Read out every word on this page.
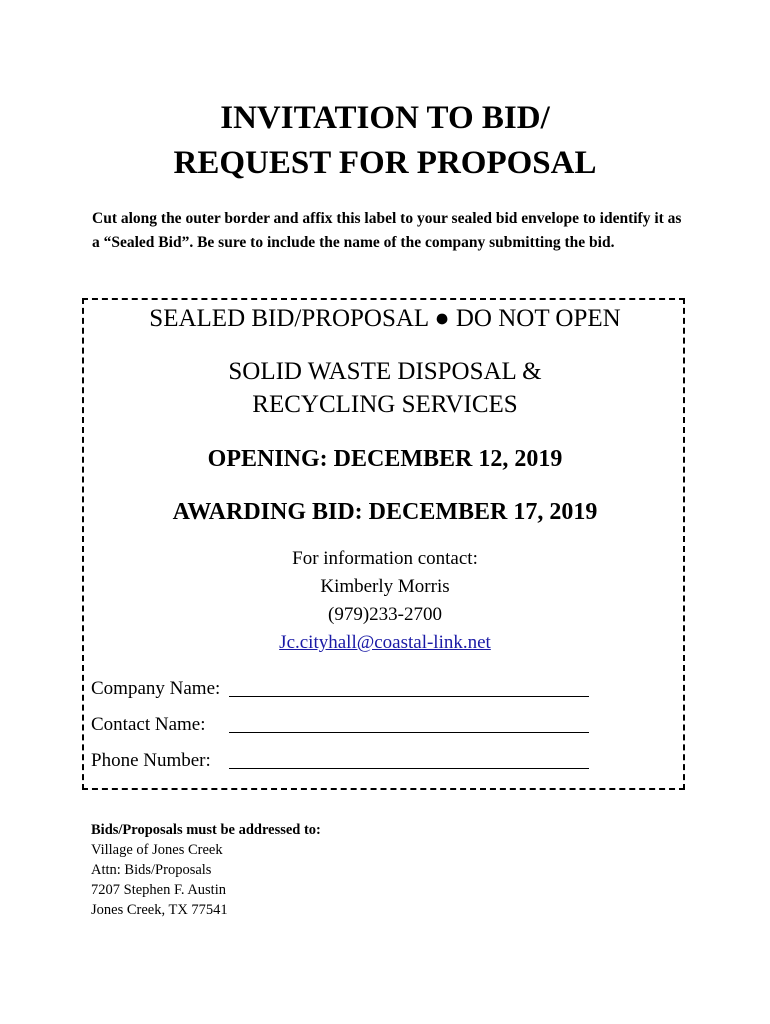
INVITATION TO BID/
REQUEST FOR PROPOSAL
Cut along the outer border and affix this label to your sealed bid envelope to identify it as a “Sealed Bid”. Be sure to include the name of the company submitting the bid.
SEALED BID/PROPOSAL ● DO NOT OPEN
SOLID WASTE DISPOSAL &
RECYCLING SERVICES
OPENING: DECEMBER 12, 2019
AWARDING BID: DECEMBER 17, 2019
For information contact:
Kimberly Morris
(979)233-2700
Jc.cityhall@coastal-link.net
Company Name:
Contact Name:
Phone Number:
Bids/Proposals must be addressed to:
Village of Jones Creek
Attn: Bids/Proposals
7207 Stephen F. Austin
Jones Creek, TX 77541
